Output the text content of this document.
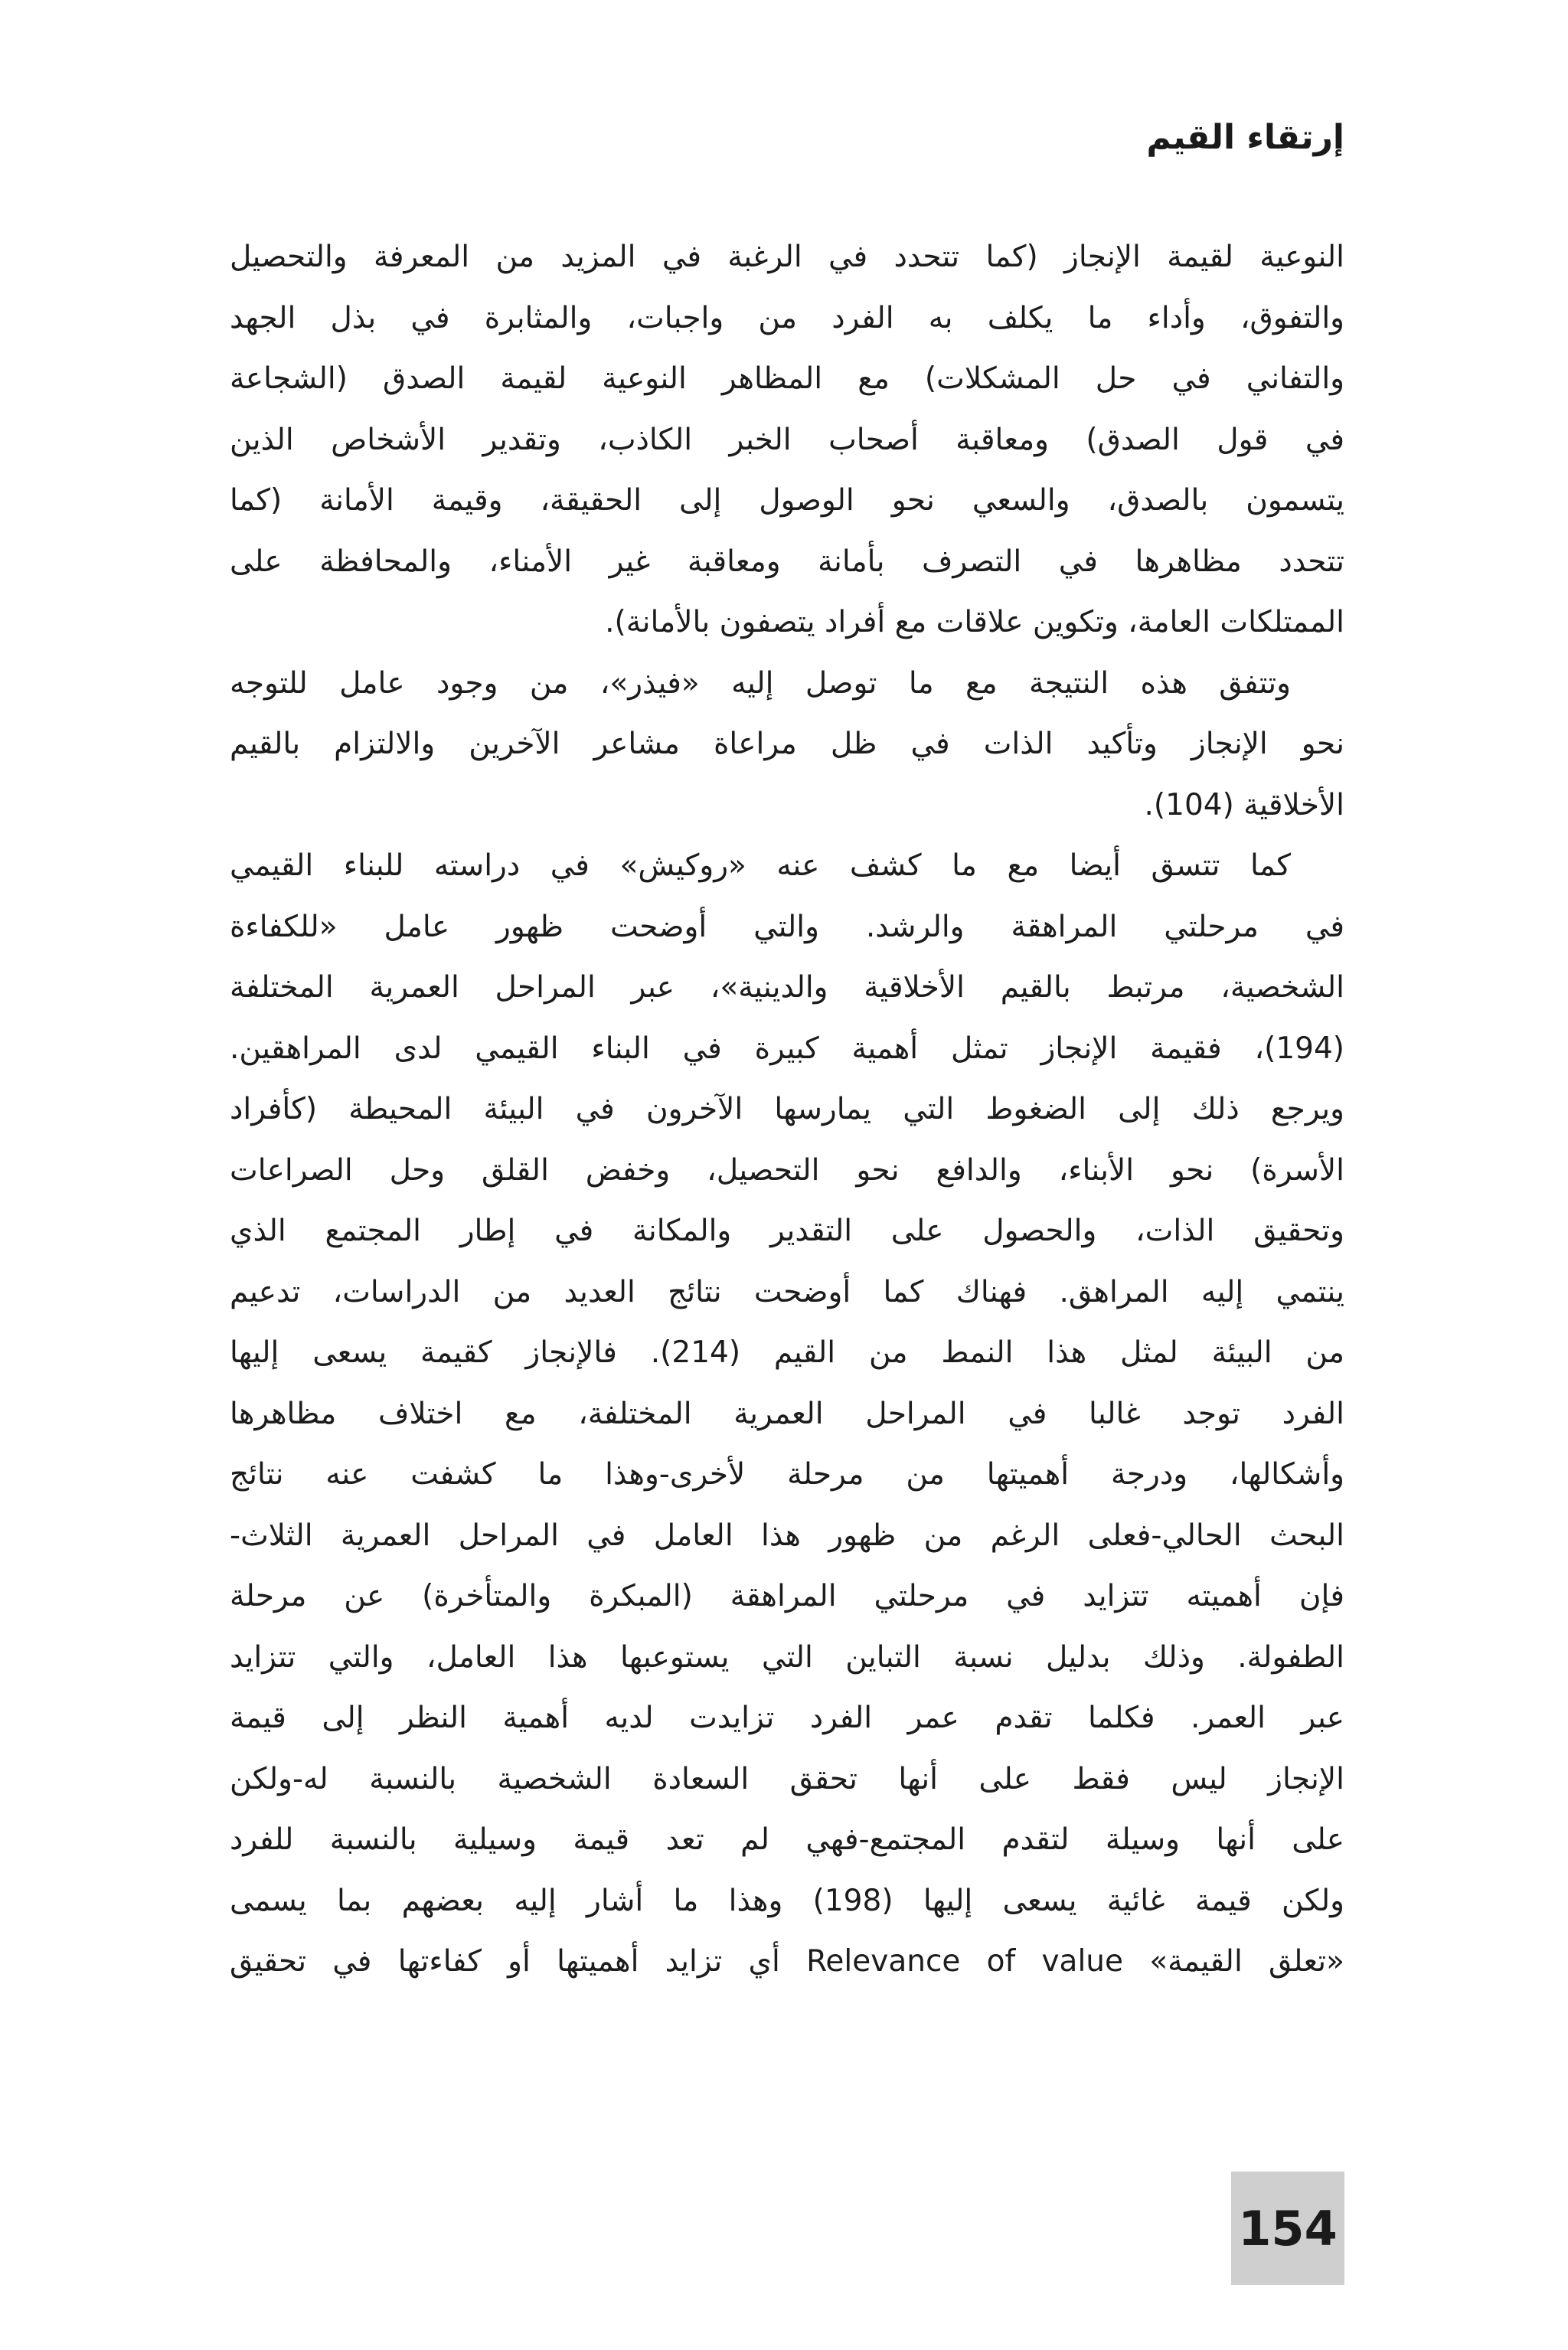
إرتقاء القيم
النوعية لقيمة الإنجاز (كما تتحدد في الرغبة في المزيد من المعرفة والتحصيل
والتفوق، وأداء ما يكلف به الفرد من واجبات، والمثابرة في بذل الجهد
والتفاني في حل المشكلات) مع المظاهر النوعية لقيمة الصدق (الشجاعة
في قول الصدق) ومعاقبة أصحاب الخبر الكاذب، وتقدير الأشخاص الذين
يتسمون بالصدق، والسعي نحو الوصول إلى الحقيقة، وقيمة الأمانة (كما
تتحدد مظاهرها في التصرف بأمانة ومعاقبة غير الأمناء، والمحافظة على
الممتلكات العامة، وتكوين علاقات مع أفراد يتصفون بالأمانة).
وتتفق هذه النتيجة مع ما توصل إليه «فيذر»، من وجود عامل للتوجه
نحو الإنجاز وتأكيد الذات في ظل مراعاة مشاعر الآخرين والالتزام بالقيم
الأخلاقية (104).
كما تتسق أيضا مع ما كشف عنه «روكيش» في دراسته للبناء القيمي
في مرحلتي المراهقة والرشد. والتي أوضحت ظهور عامل «للكفاءة
الشخصية، مرتبط بالقيم الأخلاقية والدينية»، عبر المراحل العمرية المختلفة
(194)، فقيمة الإنجاز تمثل أهمية كبيرة في البناء القيمي لدى المراهقين.
ويرجع ذلك إلى الضغوط التي يمارسها الآخرون في البيئة المحيطة (كأفراد
الأسرة) نحو الأبناء، والدافع نحو التحصيل، وخفض القلق وحل الصراعات
وتحقيق الذات، والحصول على التقدير والمكانة في إطار المجتمع الذي
ينتمي إليه المراهق. فهناك كما أوضحت نتائج العديد من الدراسات، تدعيم
من البيئة لمثل هذا النمط من القيم (214). فالإنجاز كقيمة يسعى إليها
الفرد توجد غالبا في المراحل العمرية المختلفة، مع اختلاف مظاهرها
وأشكالها، ودرجة أهميتها من مرحلة لأخرى-وهذا ما كشفت عنه نتائج
البحث الحالي-فعلى الرغم من ظهور هذا العامل في المراحل العمرية الثلاث-
فإن أهميته تتزايد في مرحلتي المراهقة (المبكرة والمتأخرة) عن مرحلة
الطفولة. وذلك بدليل نسبة التباين التي يستوعبها هذا العامل، والتي تتزايد
عبر العمر. فكلما تقدم عمر الفرد تزايدت لديه أهمية النظر إلى قيمة
الإنجاز ليس فقط على أنها تحقق السعادة الشخصية بالنسبة له-ولكن
على أنها وسيلة لتقدم المجتمع-فهي لم تعد قيمة وسيلية بالنسبة للفرد
ولكن قيمة غائية يسعى إليها (198) وهذا ما أشار إليه بعضهم بما يسمى
«تعلق القيمة» Relevance of value أي تزايد أهميتها أو كفاءتها في تحقيق
154
